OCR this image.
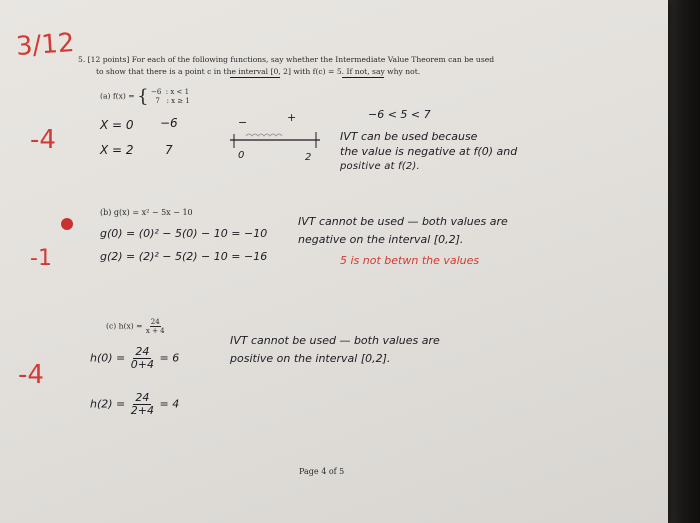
3/12 5. [12 points] For each of the following functions, say whether the Intermediate Value Theorem can be used
to show that there is a point c in the interval [0, 2] with f(c) = 5. If not, say why not.
(a) f(x) = { −6 : x < 1
7 : x ≥ 1
-4	X = 0 −6
X = 2	7
−	+
0	2
−6 < 5 < 7
IVT can be used because
the value is negative at f(0) and
positive at f(2).
(b) g(x) = x² − 5x − 10
g(0) = (0)² − 5(0) − 10 = −10
g(2) = (2)² − 5(2) − 10 = −16
-1
IVT cannot be used — both values are
negative on the interval [0,2].
5 is not betwn the values
(c) $h(x) = \frac{24}{x + 4}$
-4
$h(0) = \frac{24}{0+4} = 6$
$h(2) = \frac{24}{2+4} = 4$
IVT cannot be used — both values are
positive on the interval [0,2].
Page 4 of 5
